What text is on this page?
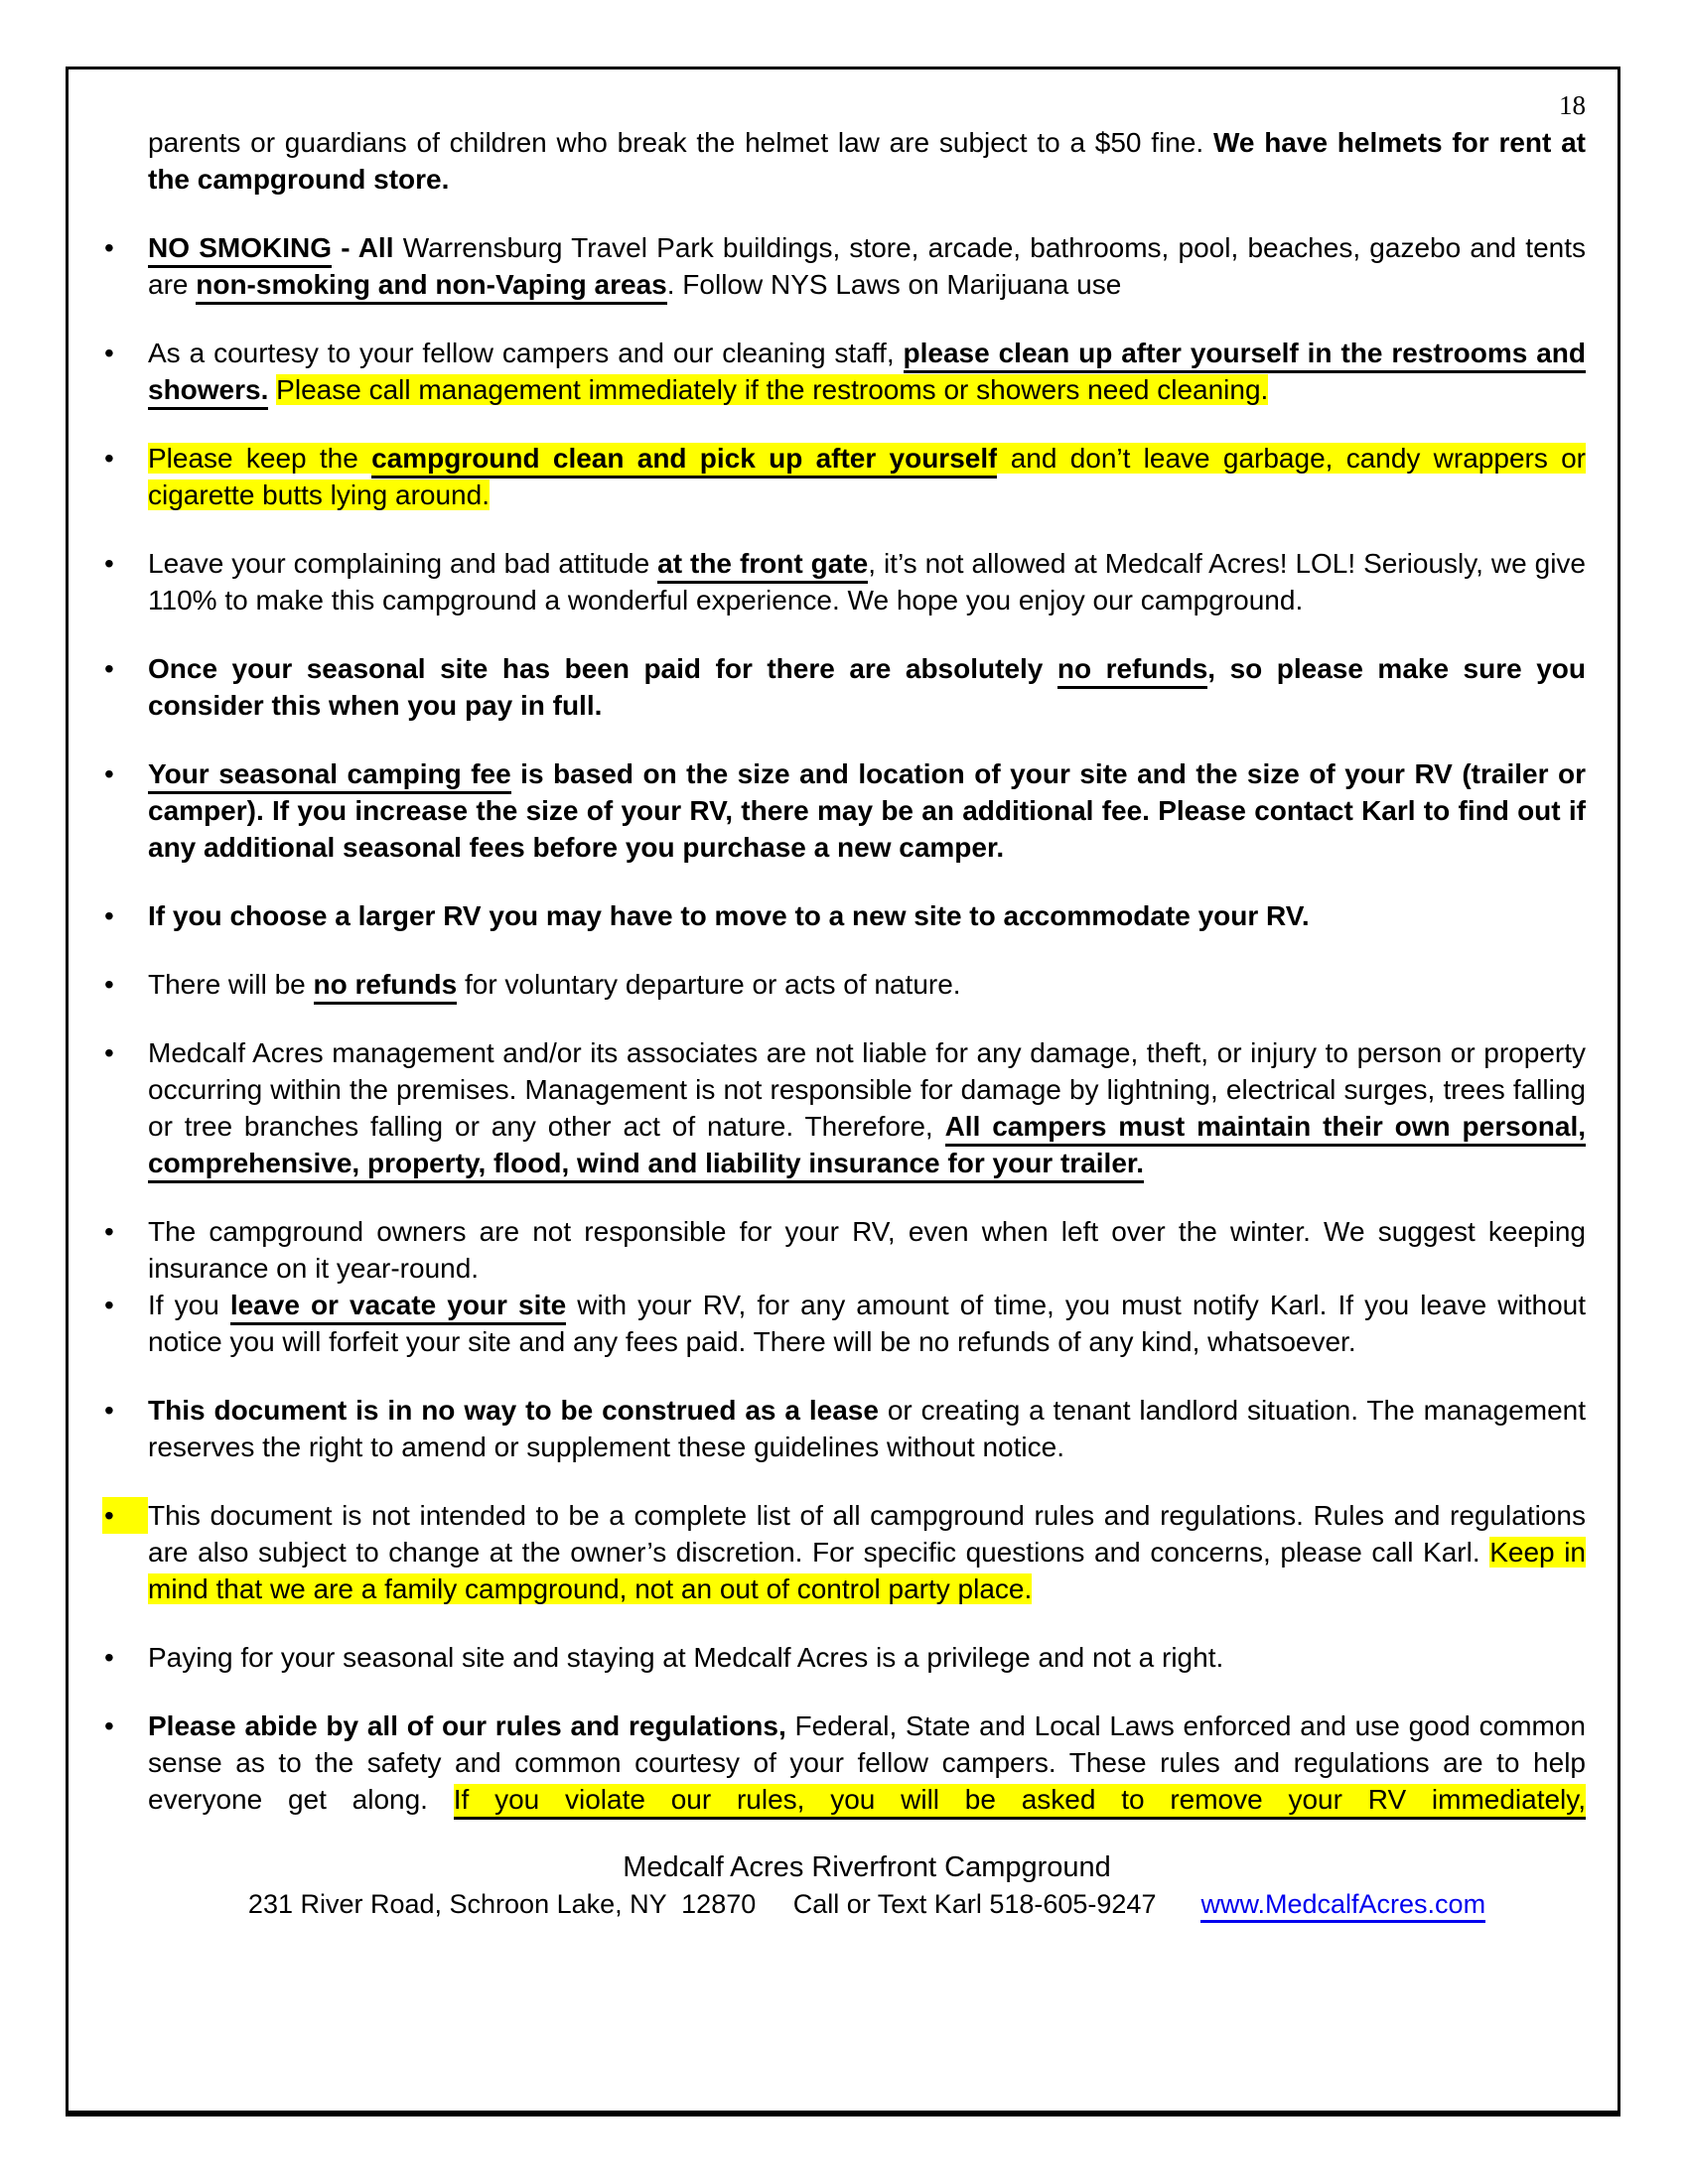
18
parents or guardians of children who break the helmet law are subject to a $50 fine. We have helmets for rent at the campground store.
•	NO SMOKING - All Warrensburg Travel Park buildings, store, arcade, bathrooms, pool, beaches, gazebo and tents are non-smoking and non-Vaping areas. Follow NYS Laws on Marijuana use
•	As a courtesy to your fellow campers and our cleaning staff, please clean up after yourself in the restrooms and showers. Please call management immediately if the restrooms or showers need cleaning.
•	Please keep the campground clean and pick up after yourself and don’t leave garbage, candy wrappers or cigarette butts lying around.
•	Leave your complaining and bad attitude at the front gate, it’s not allowed at Medcalf Acres! LOL! Seriously, we give 110% to make this campground a wonderful experience. We hope you enjoy our campground.
•	Once your seasonal site has been paid for there are absolutely no refunds, so please make sure you consider this when you pay in full.
•	Your seasonal camping fee is based on the size and location of your site and the size of your RV (trailer or camper). If you increase the size of your RV, there may be an additional fee. Please contact Karl to find out if any additional seasonal fees before you purchase a new camper.
•	If you choose a larger RV you may have to move to a new site to accommodate your RV.
•	There will be no refunds for voluntary departure or acts of nature.
•	Medcalf Acres management and/or its associates are not liable for any damage, theft, or injury to person or property occurring within the premises. Management is not responsible for damage by lightning, electrical surges, trees falling or tree branches falling or any other act of nature. Therefore, All campers must maintain their own personal, comprehensive, property, flood, wind and liability insurance for your trailer.
•	The campground owners are not responsible for your RV, even when left over the winter. We suggest keeping insurance on it year-round.
•	If you leave or vacate your site with your RV, for any amount of time, you must notify Karl. If you leave without notice you will forfeit your site and any fees paid. There will be no refunds of any kind, whatsoever.
•	This document is in no way to be construed as a lease or creating a tenant landlord situation. The management reserves the right to amend or supplement these guidelines without notice.
•	This document is not intended to be a complete list of all campground rules and regulations. Rules and regulations are also subject to change at the owner’s discretion. For specific questions and concerns, please call Karl. Keep in mind that we are a family campground, not an out of control party place.
•	Paying for your seasonal site and staying at Medcalf Acres is a privilege and not a right.
•	Please abide by all of our rules and regulations, Federal, State and Local Laws enforced and use good common sense as to the safety and common courtesy of your fellow campers. These rules and regulations are to help everyone get along. If you violate our rules, you will be asked to remove your RV immediately,
Medcalf Acres Riverfront Campground
231 River Road, Schroon Lake, NY  12870     Call or Text Karl 518-605-9247      www.MedcalfAcres.com
